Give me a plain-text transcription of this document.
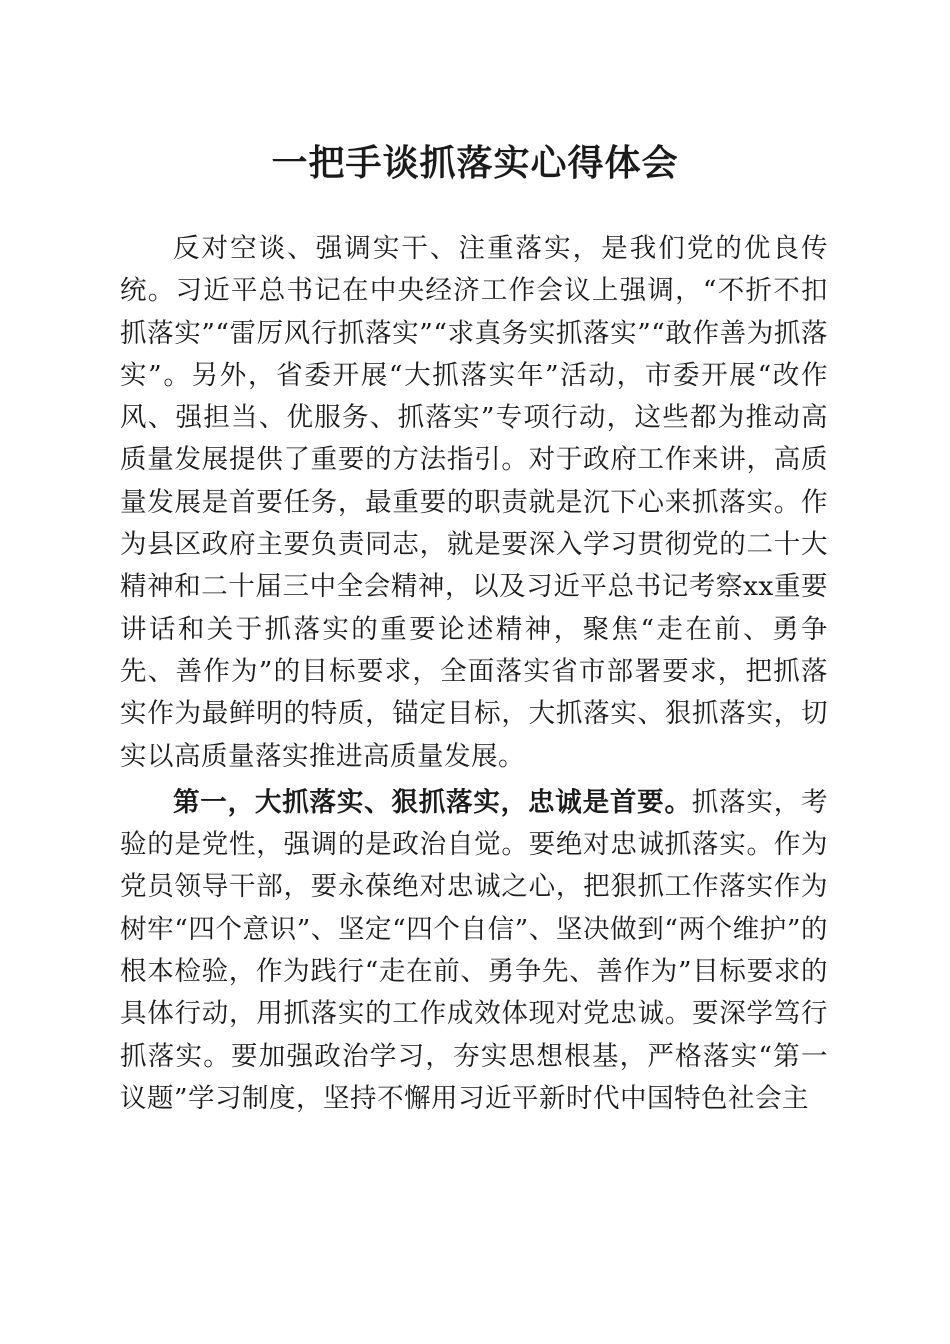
一把手谈抓落实心得体会

反对空谈、强调实干、注重落实，是我们党的优良传统。习近平总书记在中央经济工作会议上强调，“不折不扣抓落实”“雷厉风行抓落实”“求真务实抓落实”“敢作善为抓落实”。另外，省委开展“大抓落实年”活动，市委开展“改作风、强担当、优服务、抓落实”专项行动，这些都为推动高质量发展提供了重要的方法指引。对于政府工作来讲，高质量发展是首要任务，最重要的职责就是沉下心来抓落实。作为县区政府主要负责同志，就是要深入学习贯彻党的二十大精神和二十届三中全会精神，以及习近平总书记考察xx重要讲话和关于抓落实的重要论述精神，聚焦“走在前、勇争先、善作为”的目标要求，全面落实省市部署要求，把抓落实作为最鲜明的特质，锚定目标，大抓落实、狠抓落实，切实以高质量落实推进高质量发展。

第一，大抓落实、狠抓落实，忠诚是首要。抓落实，考验的是党性，强调的是政治自觉。要绝对忠诚抓落实。作为党员领导干部，要永葆绝对忠诚之心，把狠抓工作落实作为树牢“四个意识”、坚定“四个自信”、坚决做到“两个维护”的根本检验，作为践行“走在前、勇争先、善作为”目标要求的具体行动，用抓落实的工作成效体现对党忠诚。要深学笃行抓落实。要加强政治学习，夯实思想根基，严格落实“第一议题”学习制度，坚持不懈用习近平新时代中国特色社会主
